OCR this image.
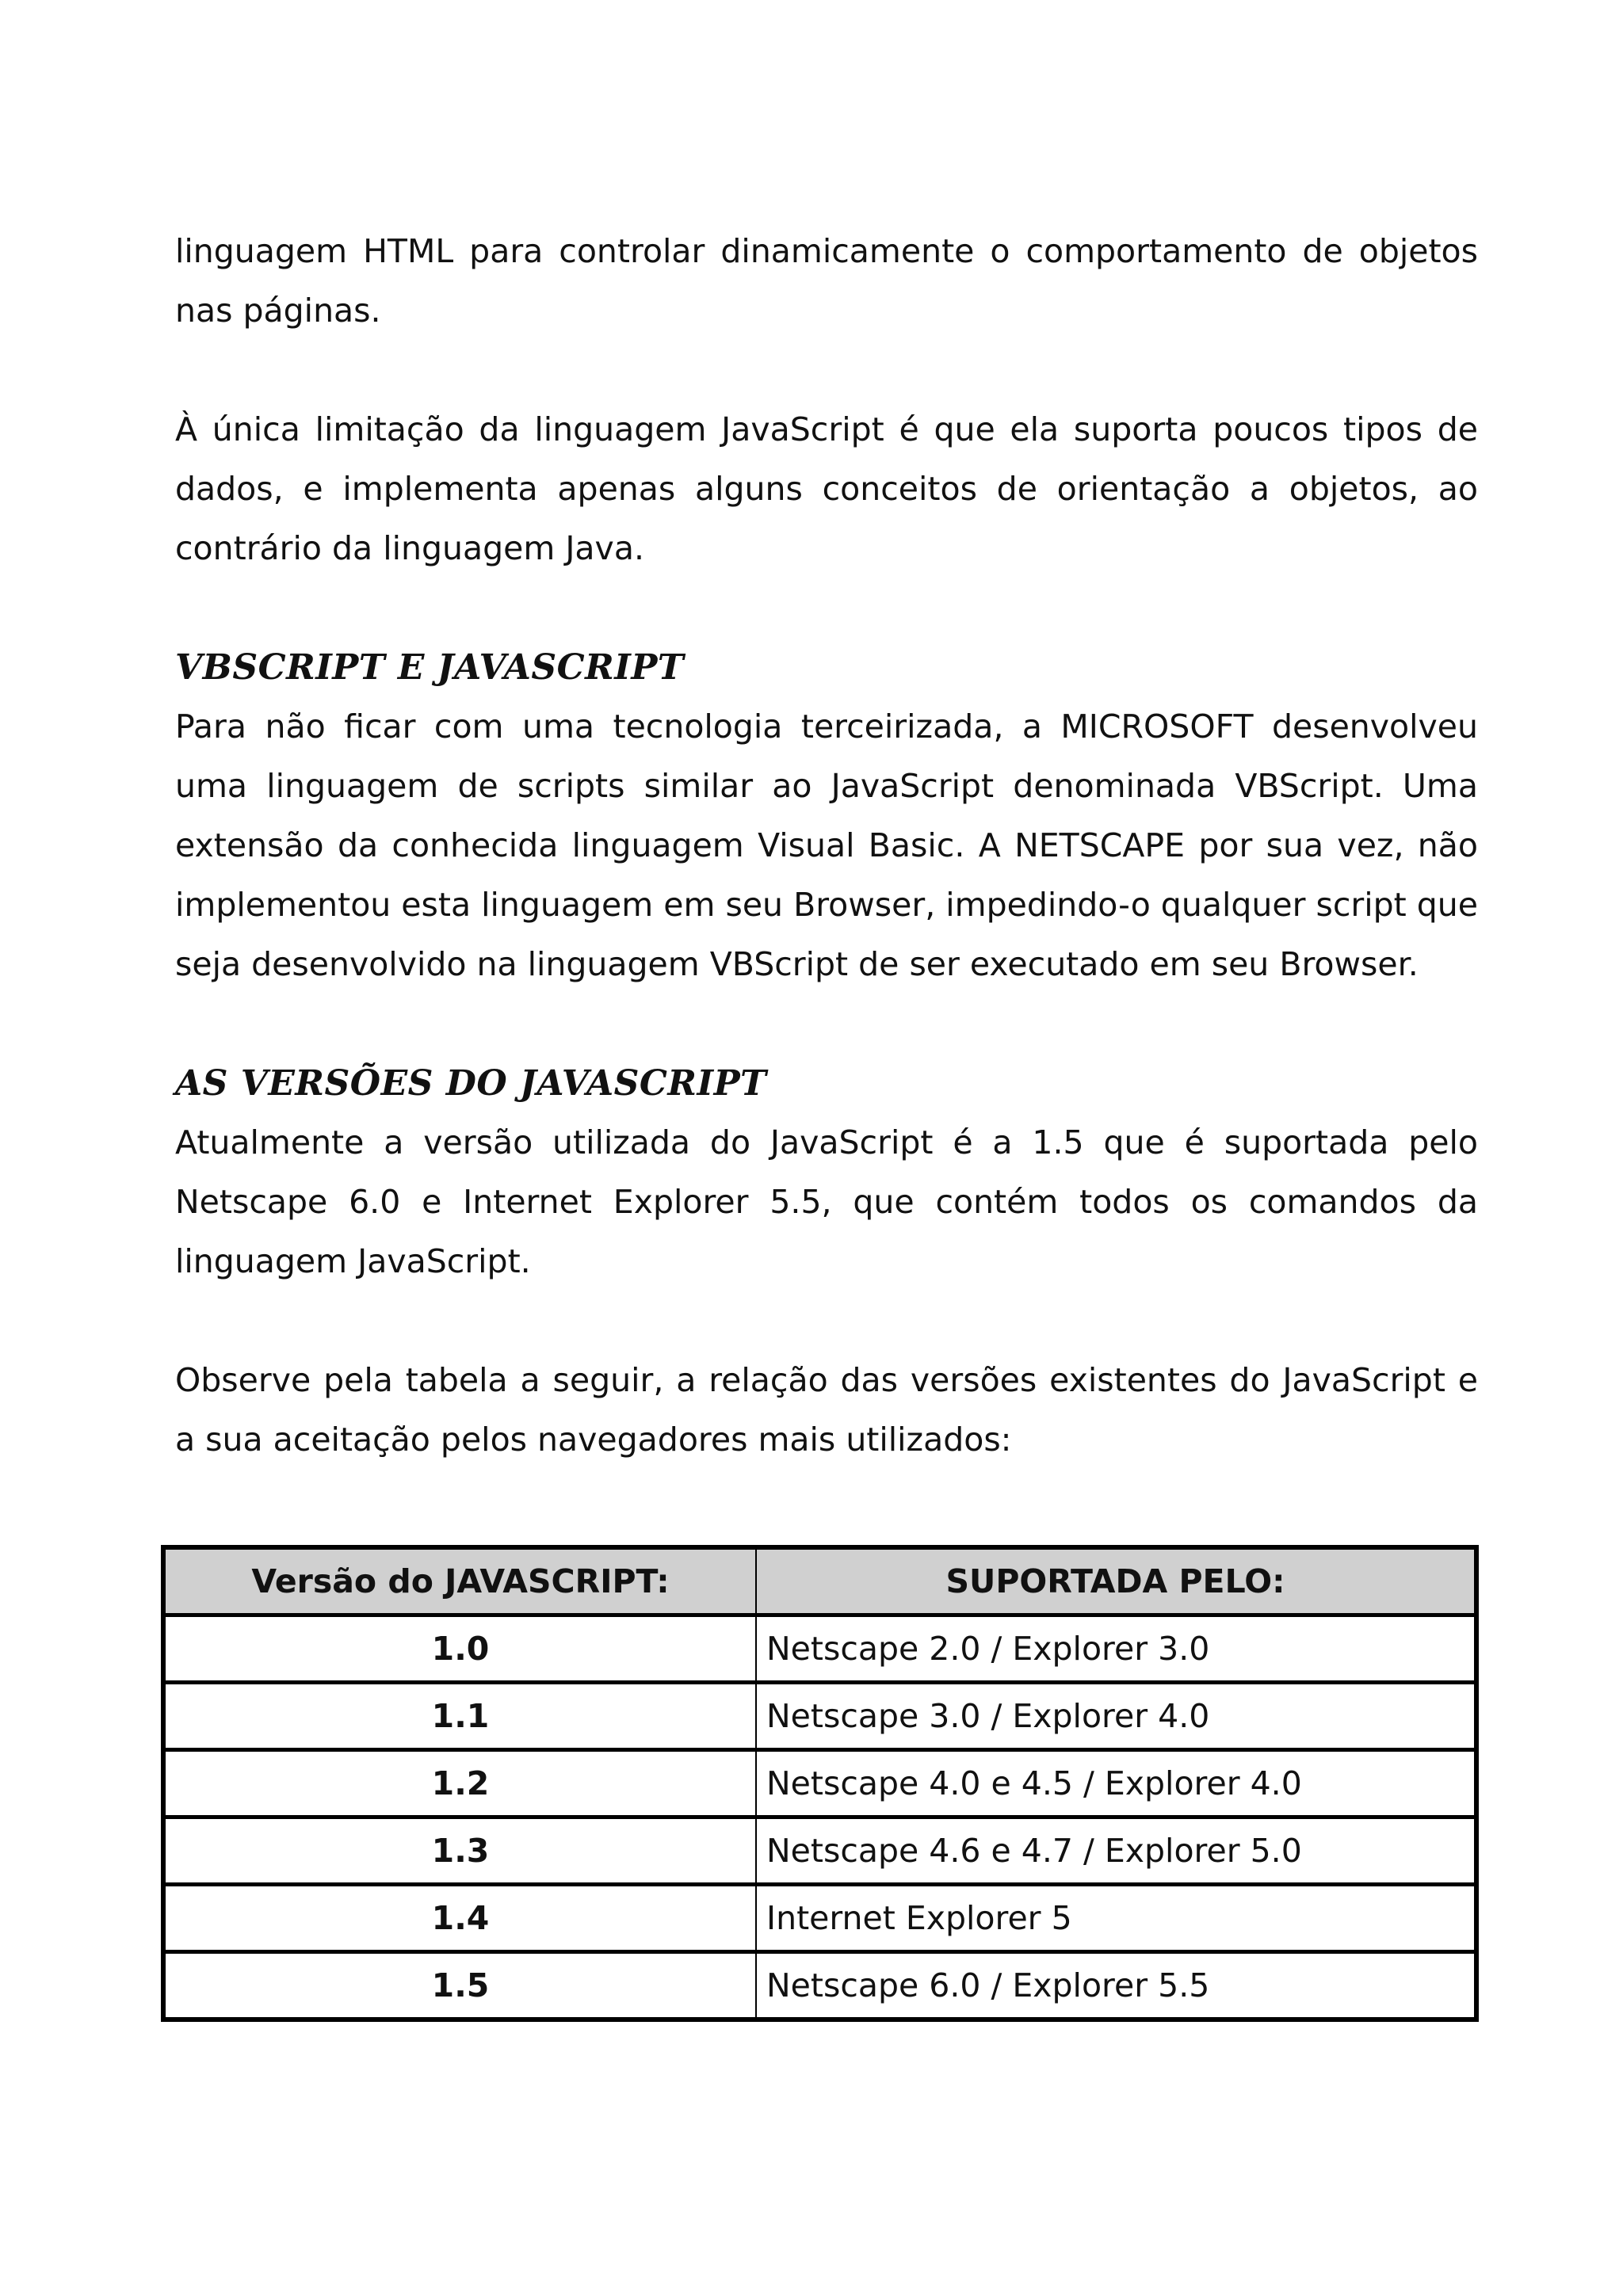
linguagem HTML para controlar dinamicamente o comportamento de objetos nas páginas.

À única limitação da linguagem JavaScript é que ela suporta poucos tipos de dados, e implementa apenas alguns conceitos de orientação a objetos, ao contrário da linguagem Java.

VBSCRIPT E JAVASCRIPT

Para não ficar com uma tecnologia terceirizada, a MICROSOFT desenvolveu uma linguagem de scripts similar ao JavaScript denominada VBScript. Uma extensão da conhecida linguagem Visual Basic. A NETSCAPE por sua vez, não implementou esta linguagem em seu Browser, impedindo-o qualquer script que seja desenvolvido na linguagem VBScript de ser executado em seu Browser.

AS VERSÕES DO JAVASCRIPT

Atualmente a versão utilizada do JavaScript é a 1.5 que é suportada pelo Netscape 6.0 e Internet Explorer 5.5, que contém todos os comandos da linguagem JavaScript.

Observe pela tabela a seguir, a relação das versões existentes do JavaScript e a sua aceitação pelos navegadores mais utilizados:

Versão do JAVASCRIPT:	SUPORTADA PELO:
1.0	Netscape 2.0 / Explorer 3.0
1.1	Netscape 3.0 / Explorer 4.0
1.2	Netscape 4.0 e 4.5 / Explorer 4.0
1.3	Netscape 4.6 e 4.7 / Explorer 5.0
1.4	Internet Explorer 5
1.5	Netscape 6.0 / Explorer 5.5
